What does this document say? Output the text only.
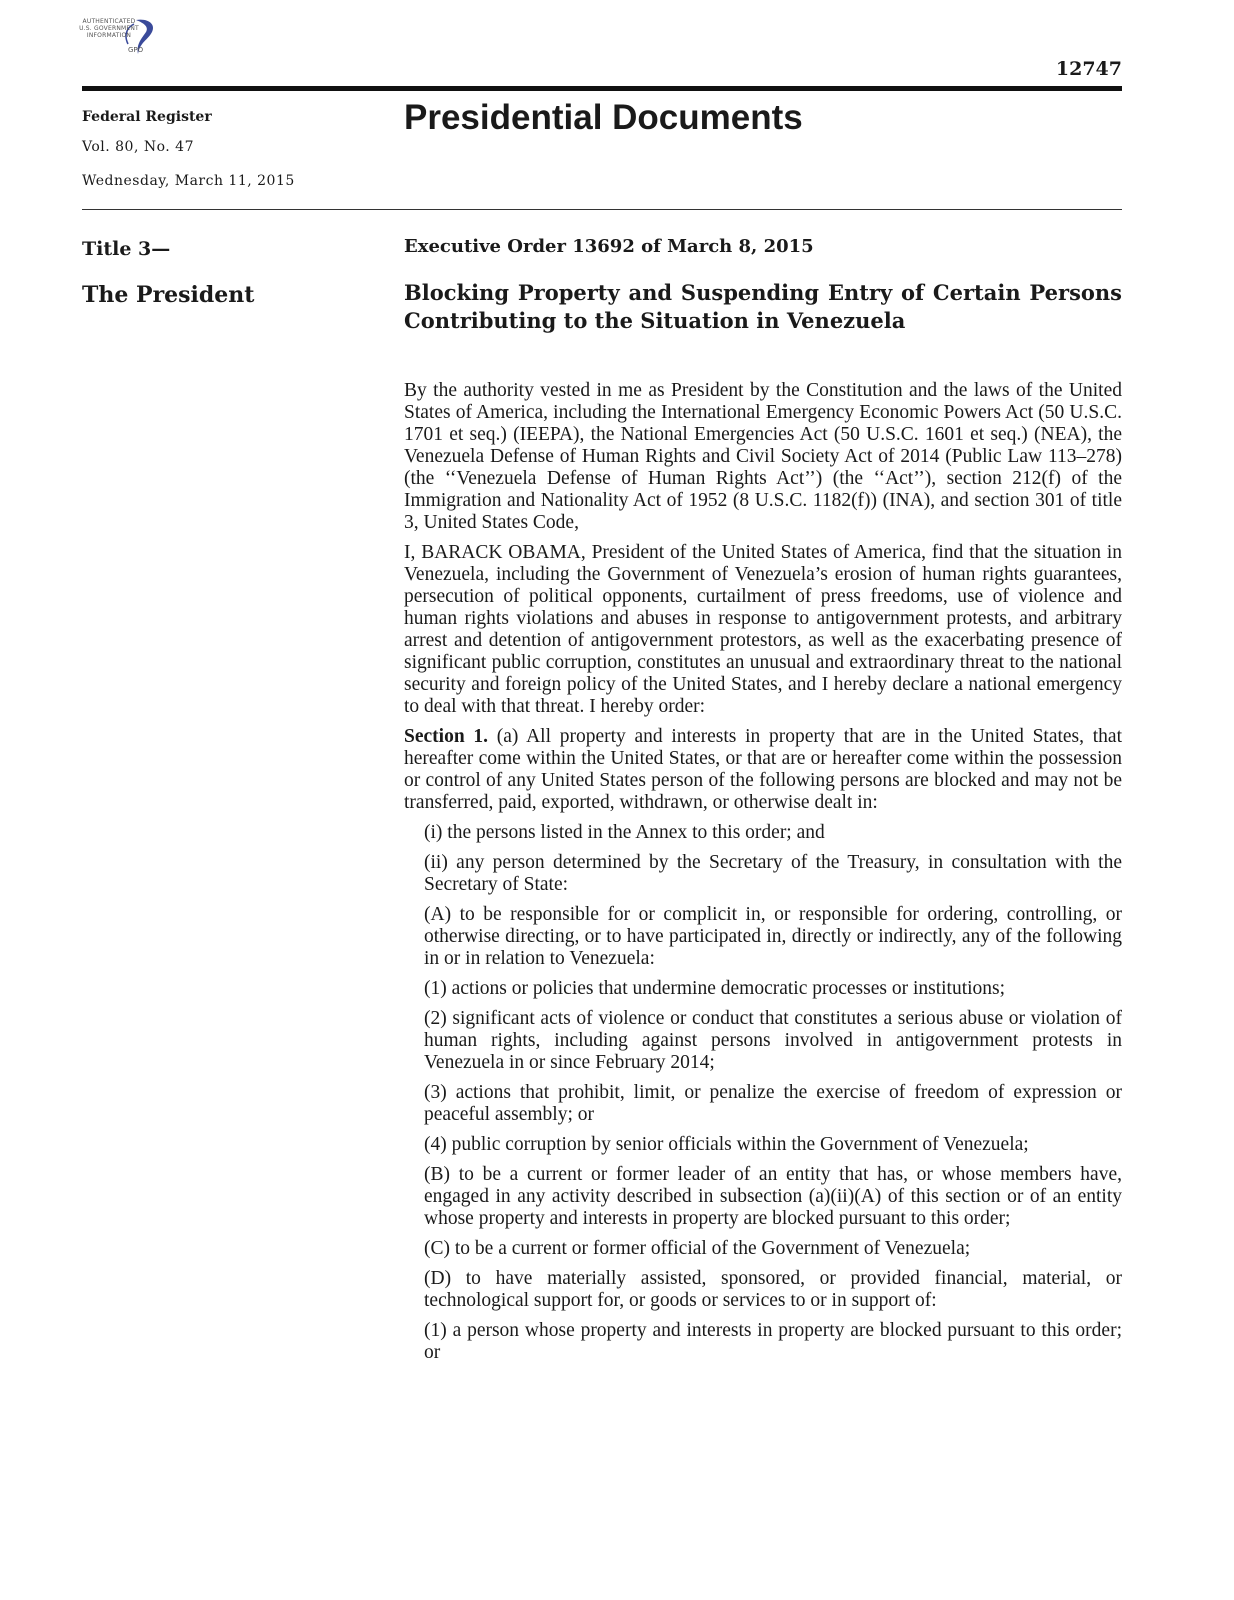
AUTHENTICATED U.S. GOVERNMENT INFORMATION
GPO
12747
Federal Register
Vol. 80, No. 47
Wednesday, March 11, 2015
Presidential Documents
Title 3—
The President
Executive Order 13692 of March 8, 2015
Blocking Property and Suspending Entry of Certain Persons Contributing to the Situation in Venezuela

By the authority vested in me as President by the Constitution and the laws of the United States of America, including the International Emergency Economic Powers Act (50 U.S.C. 1701 et seq.) (IEEPA), the National Emergencies Act (50 U.S.C. 1601 et seq.) (NEA), the Venezuela Defense of Human Rights and Civil Society Act of 2014 (Public Law 113–278) (the ‘‘Venezuela Defense of Human Rights Act’’) (the ‘‘Act’’), section 212(f) of the Immigration and Nationality Act of 1952 (8 U.S.C. 1182(f)) (INA), and section 301 of title 3, United States Code,

I, BARACK OBAMA, President of the United States of America, find that the situation in Venezuela, including the Government of Venezuela’s erosion of human rights guarantees, persecution of political opponents, curtailment of press freedoms, use of violence and human rights violations and abuses in response to antigovernment protests, and arbitrary arrest and detention of antigovernment protestors, as well as the exacerbating presence of significant public corruption, constitutes an unusual and extraordinary threat to the national security and foreign policy of the United States, and I hereby declare a national emergency to deal with that threat. I hereby order:

Section 1. (a) All property and interests in property that are in the United States, that hereafter come within the United States, or that are or hereafter come within the possession or control of any United States person of the following persons are blocked and may not be transferred, paid, exported, withdrawn, or otherwise dealt in:

(i) the persons listed in the Annex to this order; and

(ii) any person determined by the Secretary of the Treasury, in consultation with the Secretary of State:

(A) to be responsible for or complicit in, or responsible for ordering, controlling, or otherwise directing, or to have participated in, directly or indirectly, any of the following in or in relation to Venezuela:

(1) actions or policies that undermine democratic processes or institutions;

(2) significant acts of violence or conduct that constitutes a serious abuse or violation of human rights, including against persons involved in antigovernment protests in Venezuela in or since February 2014;

(3) actions that prohibit, limit, or penalize the exercise of freedom of expression or peaceful assembly; or

(4) public corruption by senior officials within the Government of Venezuela;

(B) to be a current or former leader of an entity that has, or whose members have, engaged in any activity described in subsection (a)(ii)(A) of this section or of an entity whose property and interests in property are blocked pursuant to this order;

(C) to be a current or former official of the Government of Venezuela;

(D) to have materially assisted, sponsored, or provided financial, material, or technological support for, or goods or services to or in support of:

(1) a person whose property and interests in property are blocked pursuant to this order; or
